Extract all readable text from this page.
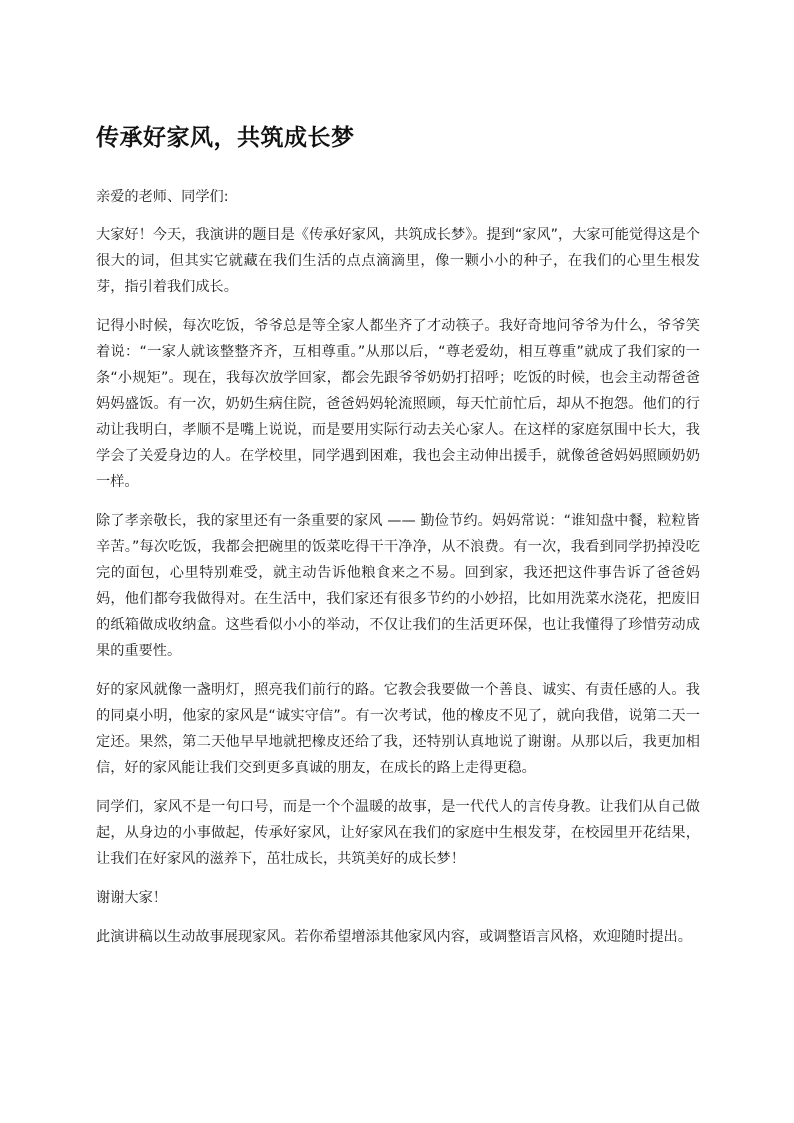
传承好家风，共筑成长梦

亲爱的老师、同学们:

大家好！今天，我演讲的题目是《传承好家风，共筑成长梦》。提到“家风”，大家可能觉得这是个很大的词，但其实它就藏在我们生活的点点滴滴里，像一颗小小的种子，在我们的心里生根发芽，指引着我们成长。

记得小时候，每次吃饭，爷爷总是等全家人都坐齐了才动筷子。我好奇地问爷爷为什么，爷爷笑着说：“一家人就该整整齐齐，互相尊重。”从那以后，“尊老爱幼，相互尊重”就成了我们家的一条“小规矩”。现在，我每次放学回家，都会先跟爷爷奶奶打招呼；吃饭的时候，也会主动帮爸爸妈妈盛饭。有一次，奶奶生病住院，爸爸妈妈轮流照顾，每天忙前忙后，却从不抱怨。他们的行动让我明白，孝顺不是嘴上说说，而是要用实际行动去关心家人。在这样的家庭氛围中长大，我学会了关爱身边的人。在学校里，同学遇到困难，我也会主动伸出援手，就像爸爸妈妈照顾奶奶一样。

除了孝亲敬长，我的家里还有一条重要的家风 —— 勤俭节约。妈妈常说：“谁知盘中餐，粒粒皆辛苦。”每次吃饭，我都会把碗里的饭菜吃得干干净净，从不浪费。有一次，我看到同学扔掉没吃完的面包，心里特别难受，就主动告诉他粮食来之不易。回到家，我还把这件事告诉了爸爸妈妈，他们都夸我做得对。在生活中，我们家还有很多节约的小妙招，比如用洗菜水浇花，把废旧的纸箱做成收纳盒。这些看似小小的举动，不仅让我们的生活更环保，也让我懂得了珍惜劳动成果的重要性。

好的家风就像一盏明灯，照亮我们前行的路。它教会我要做一个善良、诚实、有责任感的人。我的同桌小明，他家的家风是“诚实守信”。有一次考试，他的橡皮不见了，就向我借，说第二天一定还。果然，第二天他早早地就把橡皮还给了我，还特别认真地说了谢谢。从那以后，我更加相信，好的家风能让我们交到更多真诚的朋友，在成长的路上走得更稳。

同学们，家风不是一句口号，而是一个个温暖的故事，是一代代人的言传身教。让我们从自己做起，从身边的小事做起，传承好家风，让好家风在我们的家庭中生根发芽，在校园里开花结果，让我们在好家风的滋养下，茁壮成长，共筑美好的成长梦！

谢谢大家！

此演讲稿以生动故事展现家风。若你希望增添其他家风内容，或调整语言风格，欢迎随时提出。
